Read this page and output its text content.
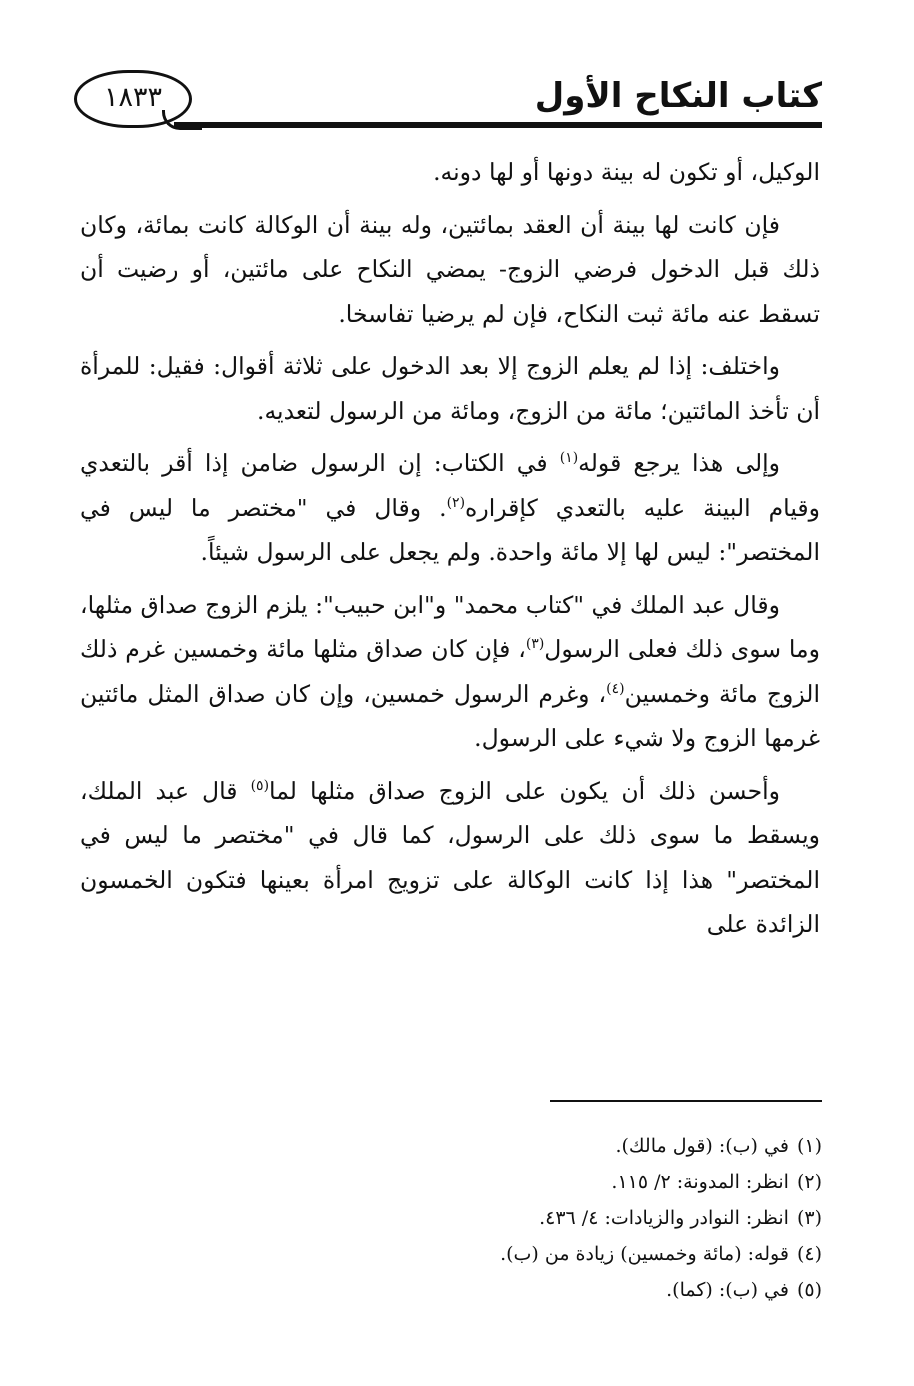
كتاب النكاح الأول
١٨٣٣

الوكيل، أو تكون له بينة دونها أو لها دونه.

فإن كانت لها بينة أن العقد بمائتين، وله بينة أن الوكالة كانت بمائة، وكان ذلك قبل الدخول فرضي الزوج- يمضي النكاح على مائتين، أو رضيت أن تسقط عنه مائة ثبت النكاح، فإن لم يرضيا تفاسخا.

واختلف: إذا لم يعلم الزوج إلا بعد الدخول على ثلاثة أقوال: فقيل: للمرأة أن تأخذ المائتين؛ مائة من الزوج، ومائة من الرسول لتعديه.

وإلى هذا يرجع قوله$^{(١)}$ في الكتاب: إن الرسول ضامن إذا أقر بالتعدي وقيام البينة عليه بالتعدي كإقراره$^{(٢)}$. وقال في "مختصر ما ليس في المختصر": ليس لها إلا مائة واحدة. ولم يجعل على الرسول شيئاً.

وقال عبد الملك في "كتاب محمد" و"ابن حبيب": يلزم الزوج صداق مثلها، وما سوى ذلك فعلى الرسول$^{(٣)}$، فإن كان صداق مثلها مائة وخمسين غرم ذلك الزوج مائة وخمسين$^{(٤)}$، وغرم الرسول خمسين، وإن كان صداق المثل مائتين غرمها الزوج ولا شيء على الرسول.

وأحسن ذلك أن يكون على الزوج صداق مثلها لما$^{(٥)}$ قال عبد الملك، ويسقط ما سوى ذلك على الرسول، كما قال في "مختصر ما ليس في المختصر" هذا إذا كانت الوكالة على تزويج امرأة بعينها فتكون الخمسون الزائدة على

(١)في (ب): (قول مالك).
(٢)انظر: المدونة: ٢/ ١١٥.
(٣)انظر: النوادر والزيادات: ٤/ ٤٣٦.
(٤)قوله: (مائة وخمسين) زيادة من (ب).
(٥)في (ب): (كما).
